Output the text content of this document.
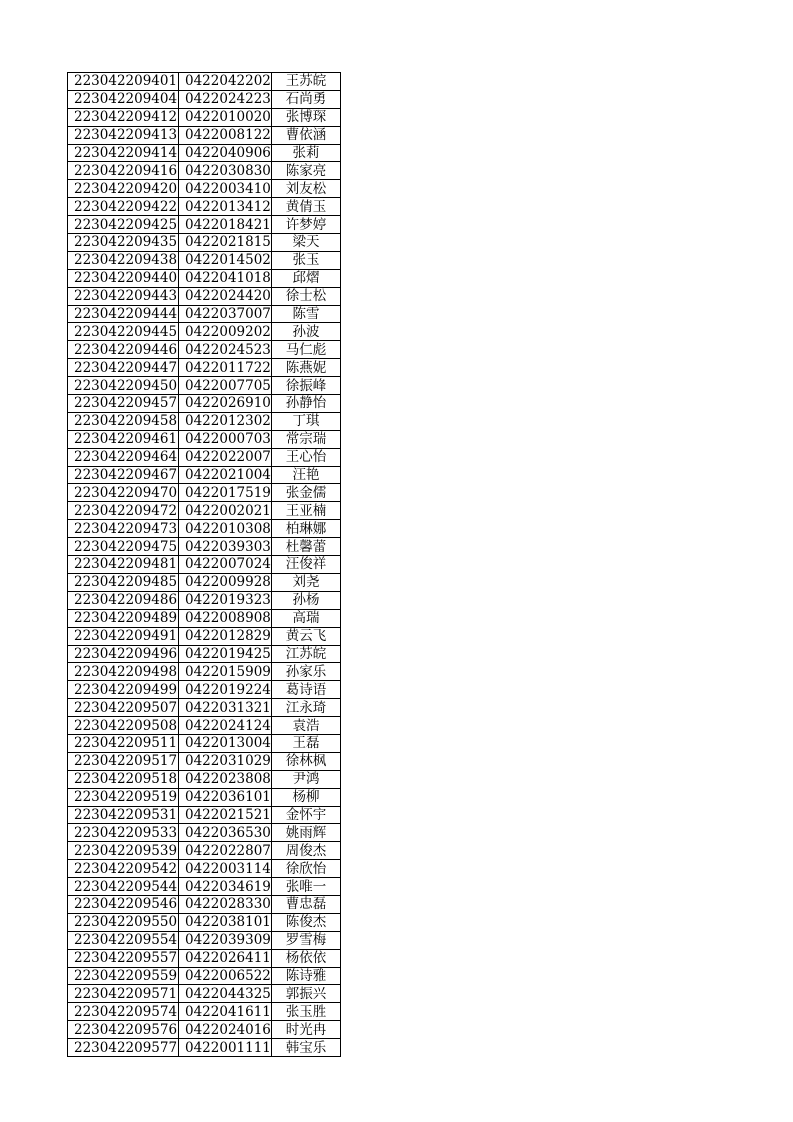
223042209401	0422042202	王苏皖
223042209404	0422024223	石尚勇
223042209412	0422010020	张博琛
223042209413	0422008122	曹依涵
223042209414	0422040906	张莉
223042209416	0422030830	陈家亮
223042209420	0422003410	刘友松
223042209422	0422013412	黄倩玉
223042209425	0422018421	许梦婷
223042209435	0422021815	梁天
223042209438	0422014502	张玉
223042209440	0422041018	邱熠
223042209443	0422024420	徐士松
223042209444	0422037007	陈雪
223042209445	0422009202	孙波
223042209446	0422024523	马仁彪
223042209447	0422011722	陈燕妮
223042209450	0422007705	徐振峰
223042209457	0422026910	孙静怡
223042209458	0422012302	丁琪
223042209461	0422000703	常宗瑞
223042209464	0422022007	王心怡
223042209467	0422021004	汪艳
223042209470	0422017519	张金儒
223042209472	0422002021	王亚楠
223042209473	0422010308	柏琳娜
223042209475	0422039303	杜馨蕾
223042209481	0422007024	汪俊祥
223042209485	0422009928	刘尧
223042209486	0422019323	孙杨
223042209489	0422008908	高瑞
223042209491	0422012829	黄云飞
223042209496	0422019425	江苏皖
223042209498	0422015909	孙家乐
223042209499	0422019224	葛诗语
223042209507	0422031321	江永琦
223042209508	0422024124	袁浩
223042209511	0422013004	王磊
223042209517	0422031029	徐林枫
223042209518	0422023808	尹鸿
223042209519	0422036101	杨柳
223042209531	0422021521	金怀宇
223042209533	0422036530	姚雨辉
223042209539	0422022807	周俊杰
223042209542	0422003114	徐欣怡
223042209544	0422034619	张唯一
223042209546	0422028330	曹忠磊
223042209550	0422038101	陈俊杰
223042209554	0422039309	罗雪梅
223042209557	0422026411	杨依依
223042209559	0422006522	陈诗雅
223042209571	0422044325	郭振兴
223042209574	0422041611	张玉胜
223042209576	0422024016	时光冉
223042209577	0422001111	韩宝乐
